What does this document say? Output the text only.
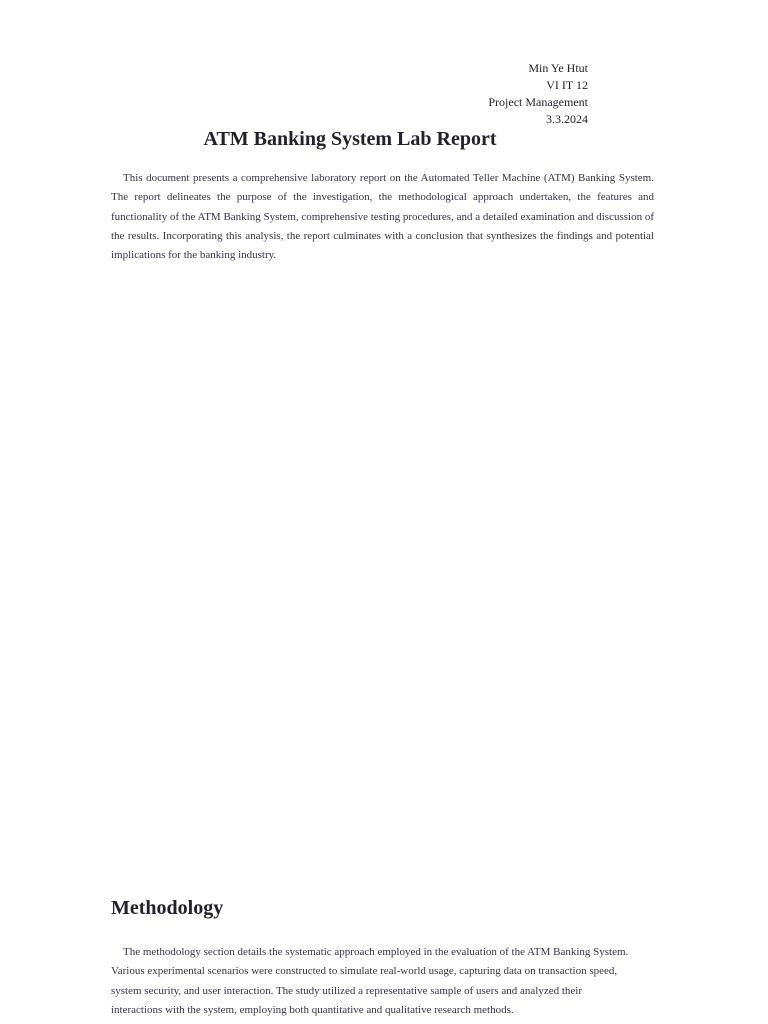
Min Ye Htut
VI IT 12
Project Management
3.3.2024
ATM Banking System Lab Report

This document presents a comprehensive laboratory report on the Automated Teller Machine (ATM) Banking System. The report delineates the purpose of the investigation, the methodological approach undertaken, the features and functionality of the ATM Banking System, comprehensive testing procedures, and a detailed examination and discussion of the results. Incorporating this analysis, the report culminates with a conclusion that synthesizes the findings and potential implications for the banking industry.

Methodology

The methodology section details the systematic approach employed in the evaluation of the ATM Banking System. Various experimental scenarios were constructed to simulate real-world usage, capturing data on transaction speed, system security, and user interaction. The study utilized a representative sample of users and analyzed their interactions with the system, employing both quantitative and qualitative research methods.
